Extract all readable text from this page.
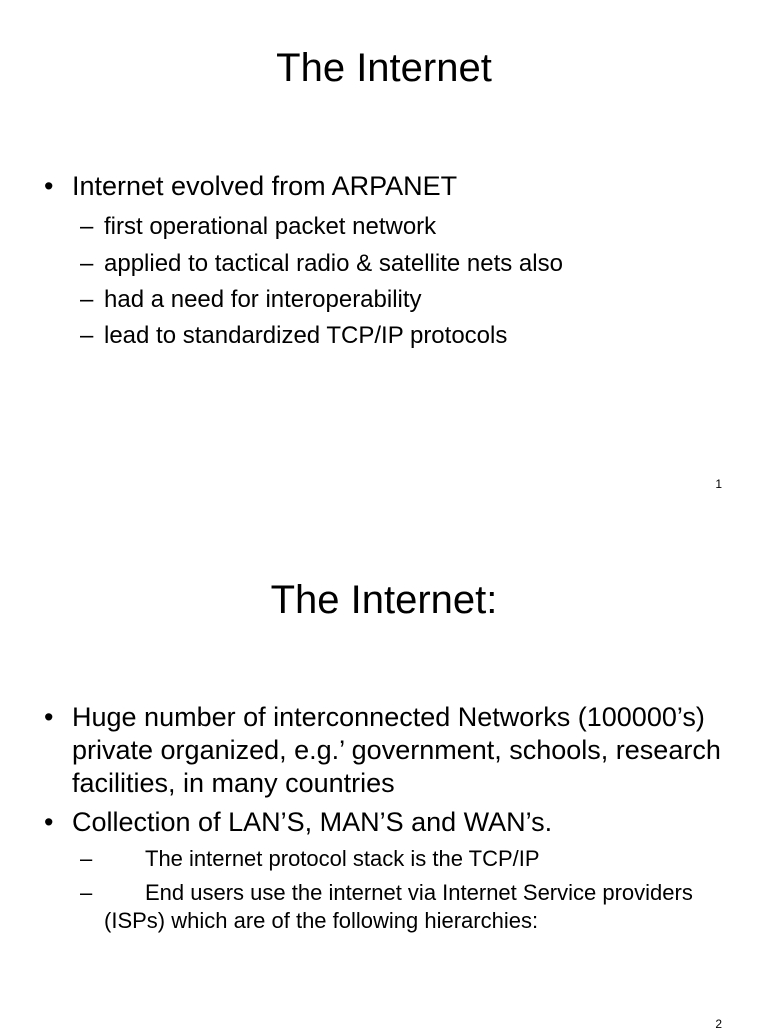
The Internet
• Internet evolved from ARPANET
– first operational packet network
– applied to tactical radio & satellite nets also
– had a need for interoperability
– lead to standardized TCP/IP protocols
1
The Internet:
• Huge number of interconnected Networks (100000’s) private organized, e.g.’ government, schools, research facilities, in many countries
• Collection of LAN’S, MAN’S and WAN’s.
–	The internet protocol stack is the TCP/IP
–	End users use the internet via Internet Service providers (ISPs) which are of the following hierarchies:
2
